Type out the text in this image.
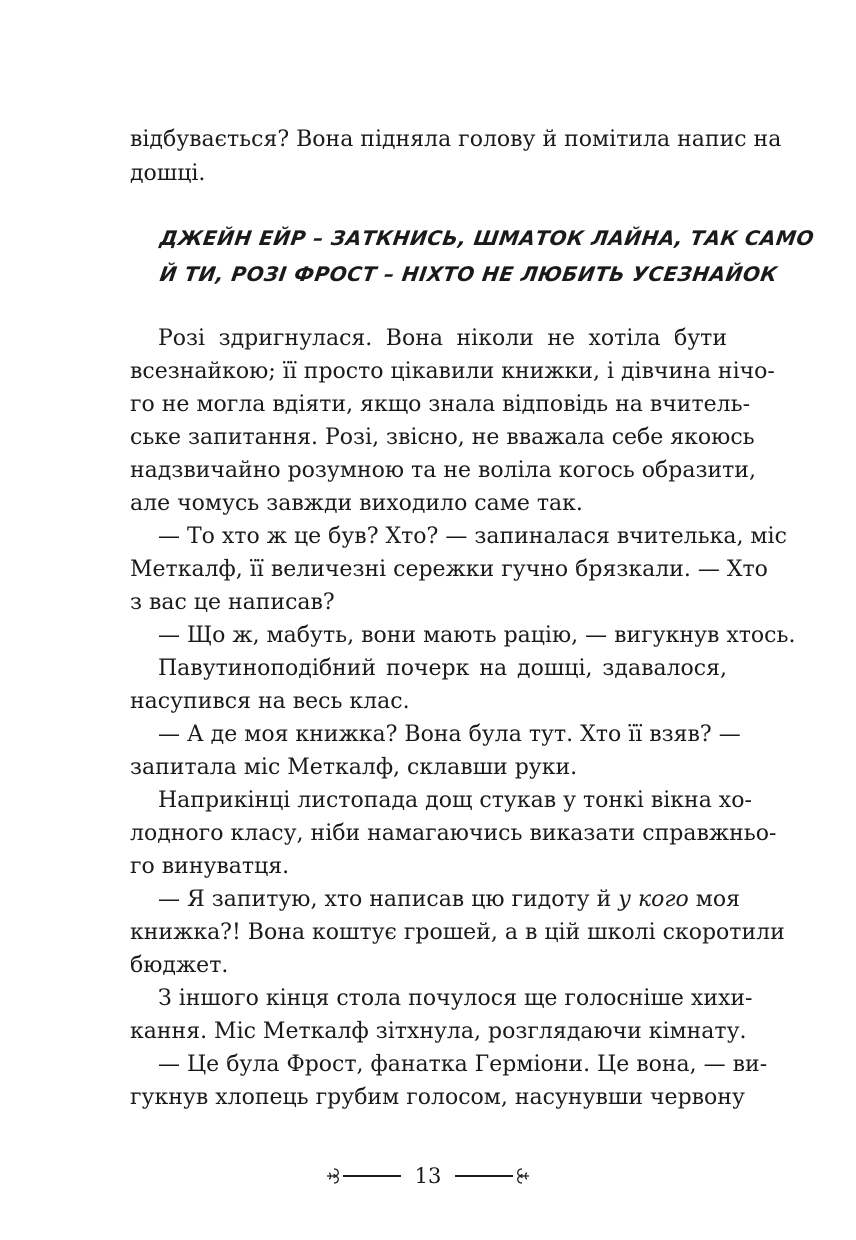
відбувається? Вона підняла голову й помітила напис на
дошці.
ДЖЕЙН ЕЙР – ЗАТКНИСЬ, ШМАТОК ЛАЙНА, ТАК САМО
Й ТИ, РОЗІ ФРОСТ – НІХТО НЕ ЛЮБИТЬ УСЕЗНАЙОК
Розі здригнулася. Вона ніколи не хотіла бути
всезнайкою; її просто цікавили книжки, і дівчина нічо-
го не могла вдіяти, якщо знала відповідь на вчитель-
ське запитання. Розі, звісно, не вважала себе якоюсь
надзвичайно розумною та не воліла когось образити,
але чомусь завжди виходило саме так.
— То хто ж це був? Хто? — запиналася вчителька, міс
Меткалф, її величезні сережки гучно брязкали. — Хто
з вас це написав?
— Що ж, мабуть, вони мають рацію, — вигукнув хтось.
Павутиноподібний почерк на дошці, здавалося,
насупився на весь клас.
— А де моя книжка? Вона була тут. Хто її взяв? —
запитала міс Меткалф, склавши руки.
Наприкінці листопада дощ стукав у тонкі вікна хо-
лодного класу, ніби намагаючись виказати справжньо-
го винуватця.
— Я запитую, хто написав цю гидоту й у кого моя
книжка?! Вона коштує грошей, а в цій школі скоротили
бюджет.
З іншого кінця стола почулося ще голосніше хихи-
кання. Міс Меткалф зітхнула, розглядаючи кімнату.
— Це була Фрост, фанатка Герміони. Це вона, — ви-
гукнув хлопець грубим голосом, насунувши червону
13
